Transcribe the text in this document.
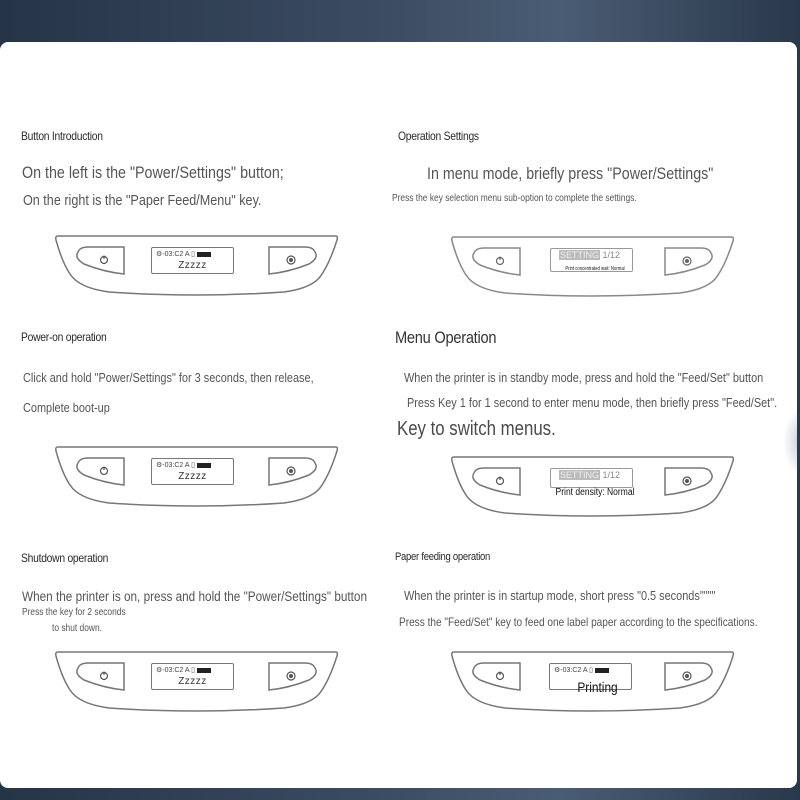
Button Introduction
On the left is the "Power/Settings" button;
On the right is the "Paper Feed/Menu" key.
⚙-03:C2 A ▯
Zzzzz
Operation Settings
In menu mode, briefly press "Power/Settings"
Press the key selection menu sub-option to complete the settings.
SETTING 1/12
Print concentrated wait: Normal
Power-on operation
Click and hold "Power/Settings" for 3 seconds, then release,
Complete boot-up
⚙-03:C2 A ▯
Zzzzz
Menu Operation
When the printer is in standby mode, press and hold the "Feed/Set" button
Press Key 1 for 1 second to enter menu mode, then briefly press "Feed/Set".
Key to switch menus.
SETTING 1/12
Print density: Normal
Shutdown operation
When the printer is on, press and hold the "Power/Settings" button
Press the key for 2 seconds
to shut down.
⚙-03:C2 A ▯
Zzzzz
Paper feeding operation
When the printer is in startup mode, short press "0.5 seconds""""
Press the "Feed/Set" key to feed one label paper according to the specifications.
⚙-03:C2 A ▯
Printing
